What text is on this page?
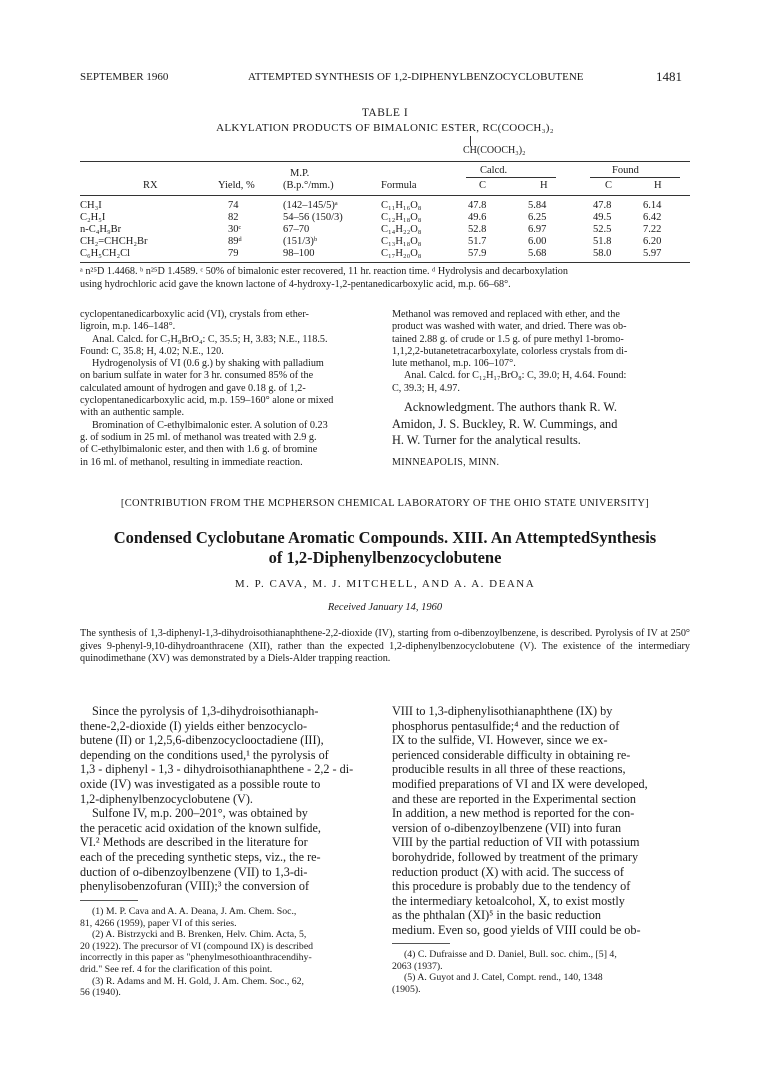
SEPTEMBER 1960	ATTEMPTED SYNTHESIS OF 1,2-DIPHENYLBENZOCYCLOBUTENE	1481
TABLE I
ALKYLATION PRODUCTS OF BIMALONIC ESTER, RC(COOCH₃)₂
CH(COOCH₃)₂
M.P.	Calcd.	Found
RX	Yield, %	(B.p.°/mm.)	Formula	C	H	C	H
CH₃I	74	(142–145/5)ᵃ	C₁₁H₁₆O₈	47.8	5.84	47.8	6.14
C₂H₅I	82	54–56 (150/3)	C₁₂H₁₈O₈	49.6	6.25	49.5	6.42
n-C₄H₉Br	30ᶜ	67–70	C₁₄H₂₂O₈	52.8	6.97	52.5	7.22
CH₂=CHCH₂Br	89ᵈ	(151/3)ᵇ	C₁₃H₁₈O₈	51.7	6.00	51.8	6.20
C₆H₅CH₂Cl	79	98–100	C₁₇H₂₀O₈	57.9	5.68	58.0	5.97
ᵃ n²⁵D 1.4468. ᵇ n²⁵D 1.4589. ᶜ 50% of bimalonic ester recovered, 11 hr. reaction time. ᵈ Hydrolysis and decarboxylation
using hydrochloric acid gave the known lactone of 4-hydroxy-1,2-pentanedicarboxylic acid, m.p. 66–68°.
cyclopentanedicarboxylic acid (VI), crystals from ether-
ligroin, m.p. 146–148°.
Anal. Calcd. for C₇H₉BrO₄: C, 35.5; H, 3.83; N.E., 118.5.
Found: C, 35.8; H, 4.02; N.E., 120.
Hydrogenolysis of VI (0.6 g.) by shaking with palladium
on barium sulfate in water for 3 hr. consumed 85% of the
calculated amount of hydrogen and gave 0.18 g. of 1,2-
cyclopentanedicarboxylic acid, m.p. 159–160° alone or mixed
with an authentic sample.
Bromination of C-ethylbimalonic ester. A solution of 0.23
g. of sodium in 25 ml. of methanol was treated with 2.9 g.
of C-ethylbimalonic ester, and then with 1.6 g. of bromine
in 16 ml. of methanol, resulting in immediate reaction.
Methanol was removed and replaced with ether, and the
product was washed with water, and dried. There was ob-
tained 2.88 g. of crude or 1.5 g. of pure methyl 1-bromo-
1,1,2,2-butanetetracarboxylate, colorless crystals from di-
lute methanol, m.p. 106–107°.
Anal. Calcd. for C₁₂H₁₇BrO₈: C, 39.0; H, 4.64. Found:
C, 39.3; H, 4.97.
Acknowledgment. The authors thank R. W.
Amidon, J. S. Buckley, R. W. Cummings, and
H. W. Turner for the analytical results.
MINNEAPOLIS, MINN.
[CONTRIBUTION FROM THE MCPHERSON CHEMICAL LABORATORY OF THE OHIO STATE UNIVERSITY]
Condensed Cyclobutane Aromatic Compounds. XIII. An AttemptedSynthesis
of 1,2-Diphenylbenzocyclobutene
M. P. CAVA, M. J. MITCHELL, AND A. A. DEANA
Received January 14, 1960
The synthesis of 1,3-diphenyl-1,3-dihydroisothianaphthene-2,2-dioxide (IV), starting from o-dibenzoylbenzene, is described. Pyrolysis of IV at 250° gives 9-phenyl-9,10-dihydroanthracene (XII), rather than the expected 1,2-diphenylbenzocyclobutene (V). The existence of the intermediary quinodimethane (XV) was demonstrated by a Diels-Alder trapping reaction.
Since the pyrolysis of 1,3-dihydroisothianaph-
thene-2,2-dioxide (I) yields either benzocyclo-
butene (II) or 1,2,5,6-dibenzocyclooctadiene (III),
depending on the conditions used,¹ the pyrolysis of
1,3 - diphenyl - 1,3 - dihydroisothianaphthene - 2,2 - di-
oxide (IV) was investigated as a possible route to
1,2-diphenylbenzocyclobutene (V).
Sulfone IV, m.p. 200–201°, was obtained by
the peracetic acid oxidation of the known sulfide,
VI.² Methods are described in the literature for
each of the preceding synthetic steps, viz., the re-
duction of o-dibenzoylbenzene (VII) to 1,3-di-
phenylisobenzofuran (VIII);³ the conversion of
VIII to 1,3-diphenylisothianaphthene (IX) by
phosphorus pentasulfide;⁴ and the reduction of
IX to the sulfide, VI. However, since we ex-
perienced considerable difficulty in obtaining re-
producible results in all three of these reactions,
modified preparations of VI and IX were developed,
and these are reported in the Experimental section
In addition, a new method is reported for the con-
version of o-dibenzoylbenzene (VII) into furan
VIII by the partial reduction of VII with potassium
borohydride, followed by treatment of the primary
reduction product (X) with acid. The success of
this procedure is probably due to the tendency of
the intermediary ketoalcohol, X, to exist mostly
as the phthalan (XI)⁵ in the basic reduction
medium. Even so, good yields of VIII could be ob-
(1) M. P. Cava and A. A. Deana, J. Am. Chem. Soc.,
81, 4266 (1959), paper VI of this series.
(2) A. Bistrzycki and B. Brenken, Helv. Chim. Acta, 5,
20 (1922). The precursor of VI (compound IX) is described
incorrectly in this paper as "phenylmesothioanthracendihy-
drid." See ref. 4 for the clarification of this point.
(3) R. Adams and M. H. Gold, J. Am. Chem. Soc., 62,
56 (1940).
(4) C. Dufraisse and D. Daniel, Bull. soc. chim., [5] 4,
2063 (1937).
(5) A. Guyot and J. Catel, Compt. rend., 140, 1348
(1905).
